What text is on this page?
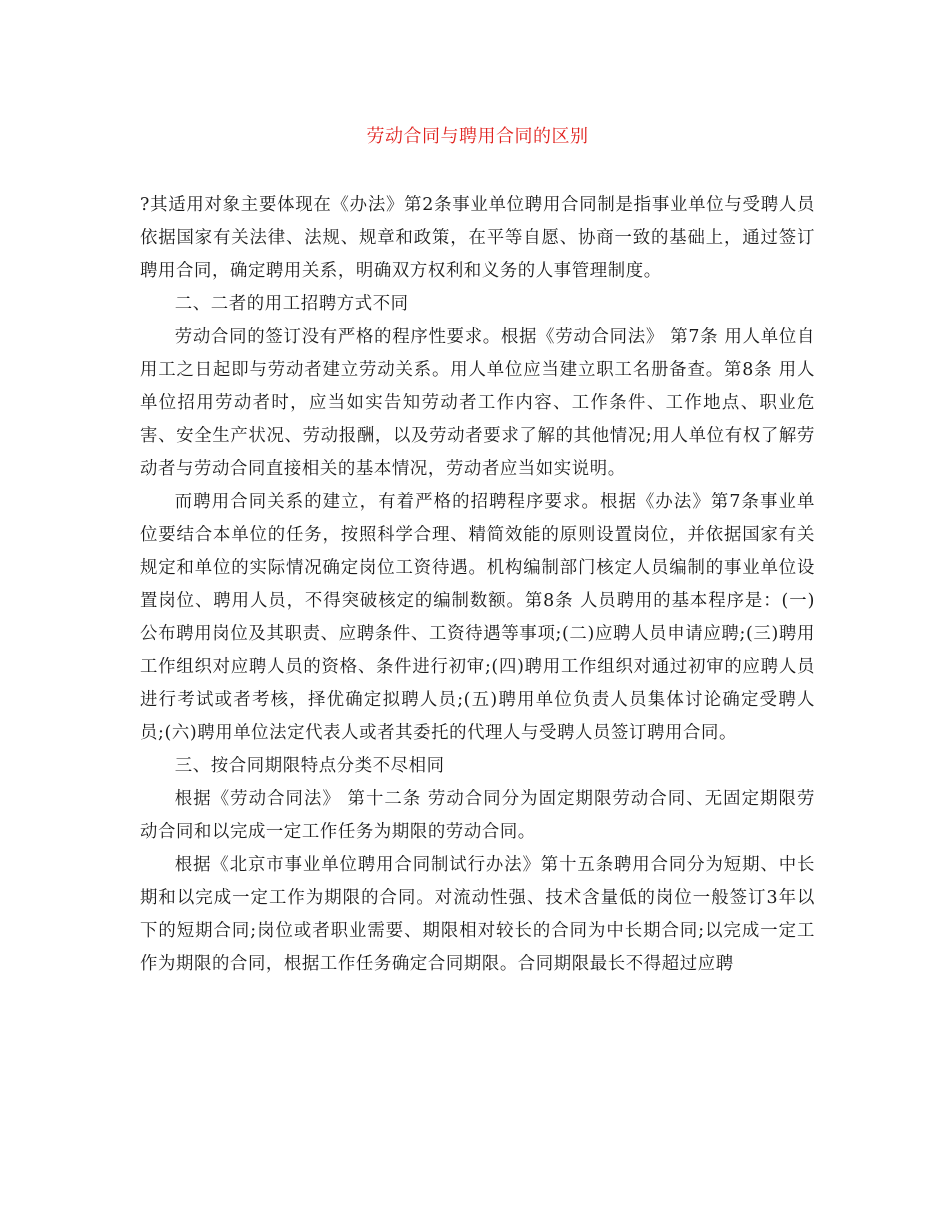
劳动合同与聘用合同的区别

?其适用对象主要体现在《办法》第2条事业单位聘用合同制是指事业单位与受聘人员依据国家有关法律、法规、规章和政策，在平等自愿、协商一致的基础上，通过签订聘用合同，确定聘用关系，明确双方权利和义务的人事管理制度。

二、二者的用工招聘方式不同

劳动合同的签订没有严格的程序性要求。根据《劳动合同法》 第7条 用人单位自用工之日起即与劳动者建立劳动关系。用人单位应当建立职工名册备查。第8条 用人单位招用劳动者时，应当如实告知劳动者工作内容、工作条件、工作地点、职业危害、安全生产状况、劳动报酬，以及劳动者要求了解的其他情况;用人单位有权了解劳动者与劳动合同直接相关的基本情况，劳动者应当如实说明。

而聘用合同关系的建立，有着严格的招聘程序要求。根据《办法》第7条事业单位要结合本单位的任务，按照科学合理、精简效能的原则设置岗位，并依据国家有关规定和单位的实际情况确定岗位工资待遇。机构编制部门核定人员编制的事业单位设置岗位、聘用人员，不得突破核定的编制数额。第8条 人员聘用的基本程序是：(一)公布聘用岗位及其职责、应聘条件、工资待遇等事项;(二)应聘人员申请应聘;(三)聘用工作组织对应聘人员的资格、条件进行初审;(四)聘用工作组织对通过初审的应聘人员进行考试或者考核，择优确定拟聘人员;(五)聘用单位负责人员集体讨论确定受聘人员;(六)聘用单位法定代表人或者其委托的代理人与受聘人员签订聘用合同。

三、按合同期限特点分类不尽相同

根据《劳动合同法》 第十二条 劳动合同分为固定期限劳动合同、无固定期限劳动合同和以完成一定工作任务为期限的劳动合同。

根据《北京市事业单位聘用合同制试行办法》第十五条聘用合同分为短期、中长期和以完成一定工作为期限的合同。对流动性强、技术含量低的岗位一般签订3年以下的短期合同;岗位或者职业需要、期限相对较长的合同为中长期合同;以完成一定工作为期限的合同，根据工作任务确定合同期限。合同期限最长不得超过应聘
